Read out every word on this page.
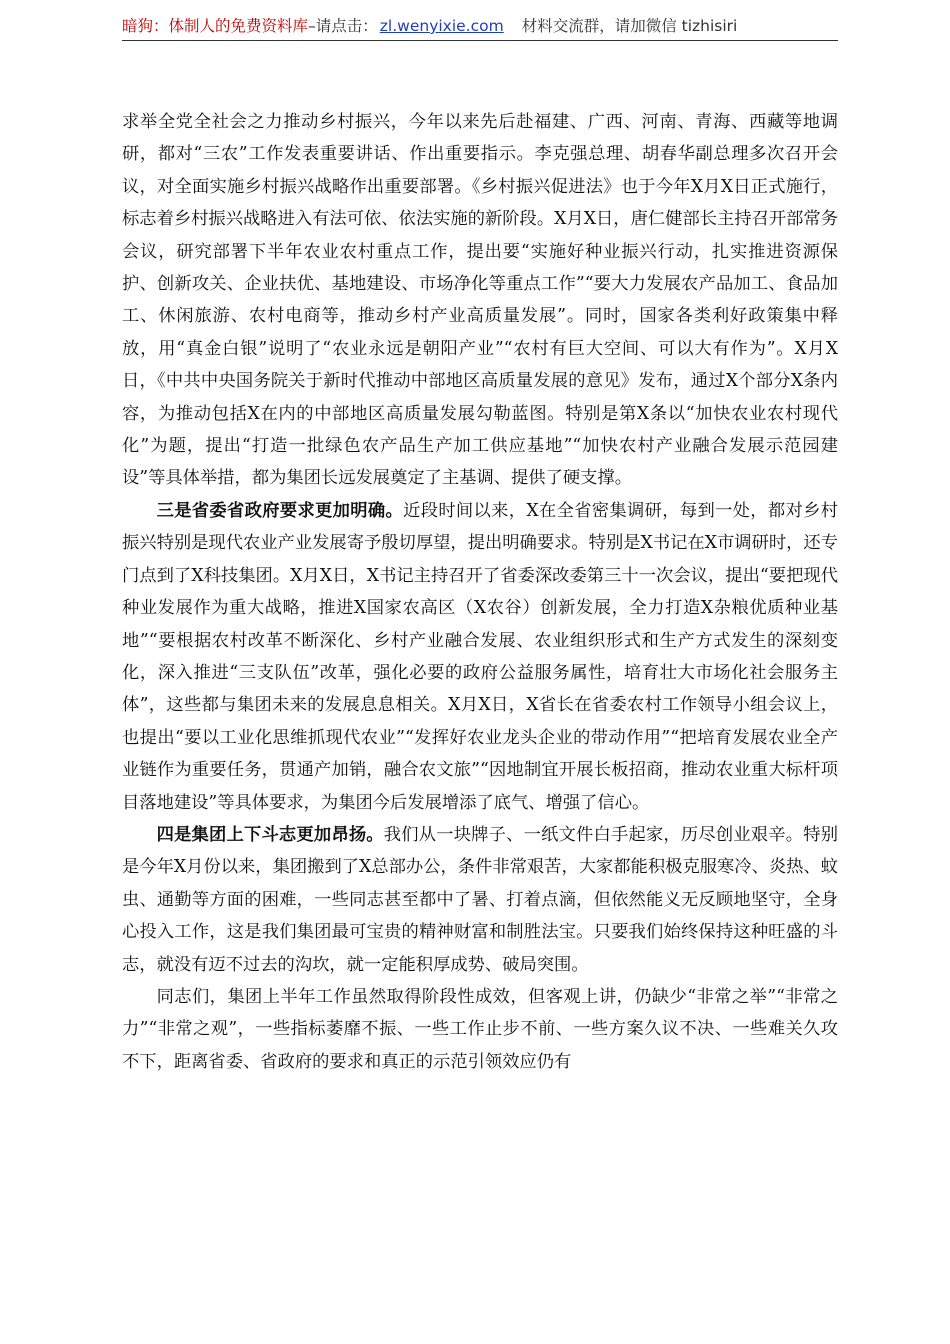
暗狗：体制人的免费资料库–请点击： zl.wenyixie.com 材料交流群，请加微信 tizhisiri

求举全党全社会之力推动乡村振兴，今年以来先后赴福建、广西、河南、青海、西藏等地调研，都对“三农”工作发表重要讲话、作出重要指示。李克强总理、胡春华副总理多次召开会议，对全面实施乡村振兴战略作出重要部署。《乡村振兴促进法》也于今年X月X日正式施行，标志着乡村振兴战略进入有法可依、依法实施的新阶段。X月X日，唐仁健部长主持召开部常务会议，研究部署下半年农业农村重点工作，提出要“实施好种业振兴行动，扎实推进资源保护、创新攻关、企业扶优、基地建设、市场净化等重点工作”“要大力发展农产品加工、食品加工、休闲旅游、农村电商等，推动乡村产业高质量发展”。同时，国家各类利好政策集中释放，用“真金白银”说明了“农业永远是朝阳产业”“农村有巨大空间、可以大有作为”。X月X日，《中共中央国务院关于新时代推动中部地区高质量发展的意见》发布，通过X个部分X条内容，为推动包括X在内的中部地区高质量发展勾勒蓝图。特别是第X条以“加快农业农村现代化”为题，提出“打造一批绿色农产品生产加工供应基地”“加快农村产业融合发展示范园建设”等具体举措，都为集团长远发展奠定了主基调、提供了硬支撑。

三是省委省政府要求更加明确。近段时间以来，X在全省密集调研，每到一处，都对乡村振兴特别是现代农业产业发展寄予殷切厚望，提出明确要求。特别是X书记在X市调研时，还专门点到了X科技集团。X月X日，X书记主持召开了省委深改委第三十一次会议，提出“要把现代种业发展作为重大战略，推进X国家农高区（X农谷）创新发展，全力打造X杂粮优质种业基地”“要根据农村改革不断深化、乡村产业融合发展、农业组织形式和生产方式发生的深刻变化，深入推进“三支队伍”改革，强化必要的政府公益服务属性，培育壮大市场化社会服务主体”，这些都与集团未来的发展息息相关。X月X日，X省长在省委农村工作领导小组会议上，也提出“要以工业化思维抓现代农业”“发挥好农业龙头企业的带动作用”“把培育发展农业全产业链作为重要任务，贯通产加销，融合农文旅”“因地制宜开展长板招商，推动农业重大标杆项目落地建设”等具体要求，为集团今后发展增添了底气、增强了信心。

四是集团上下斗志更加昂扬。我们从一块牌子、一纸文件白手起家，历尽创业艰辛。特别是今年X月份以来，集团搬到了X总部办公，条件非常艰苦，大家都能积极克服寒冷、炎热、蚊虫、通勤等方面的困难，一些同志甚至都中了暑、打着点滴，但依然能义无反顾地坚守，全身心投入工作，这是我们集团最可宝贵的精神财富和制胜法宝。只要我们始终保持这种旺盛的斗志，就没有迈不过去的沟坎，就一定能积厚成势、破局突围。

同志们，集团上半年工作虽然取得阶段性成效，但客观上讲，仍缺少“非常之举”“非常之力”“非常之观”，一些指标萎靡不振、一些工作止步不前、一些方案久议不决、一些难关久攻不下，距离省委、省政府的要求和真正的示范引领效应仍有
